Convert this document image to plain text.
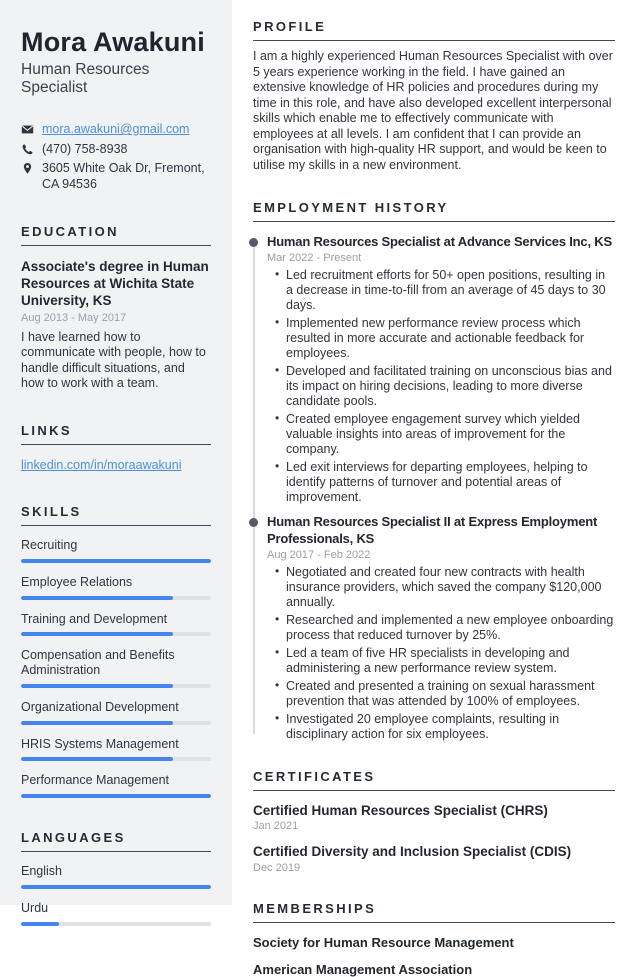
Mora Awakuni
Human Resources Specialist
mora.awakuni@gmail.com
(470) 758-8938
3605 White Oak Dr, Fremont, CA 94536
EDUCATION
Associate's degree in Human Resources at Wichita State University, KS
Aug 2013 - May 2017
I have learned how to communicate with people, how to handle difficult situations, and how to work with a team.
LINKS
linkedin.com/in/moraawakuni
SKILLS
Recruiting
Employee Relations
Training and Development
Compensation and Benefits Administration
Organizational Development
HRIS Systems Management
Performance Management
LANGUAGES
English
Urdu
PROFILE

I am a highly experienced Human Resources Specialist with over 5 years experience working in the field. I have gained an extensive knowledge of HR policies and procedures during my time in this role, and have also developed excellent interpersonal skills which enable me to effectively communicate with employees at all levels. I am confident that I can provide an organisation with high-quality HR support, and would be keen to utilise my skills in a new environment.

EMPLOYMENT HISTORY
Human Resources Specialist at Advance Services Inc, KS
Mar 2022 - Present
• Led recruitment efforts for 50+ open positions, resulting in a decrease in time-to-fill from an average of 45 days to 30 days.
• Implemented new performance review process which resulted in more accurate and actionable feedback for employees.
• Developed and facilitated training on unconscious bias and its impact on hiring decisions, leading to more diverse candidate pools.
• Created employee engagement survey which yielded valuable insights into areas of improvement for the company.
• Led exit interviews for departing employees, helping to identify patterns of turnover and potential areas of improvement.
Human Resources Specialist II at Express Employment Professionals, KS
Aug 2017 - Feb 2022
• Negotiated and created four new contracts with health insurance providers, which saved the company $120,000 annually.
• Researched and implemented a new employee onboarding process that reduced turnover by 25%.
• Led a team of five HR specialists in developing and administering a new performance review system.
• Created and presented a training on sexual harassment prevention that was attended by 100% of employees.
• Investigated 20 employee complaints, resulting in disciplinary action for six employees.
CERTIFICATES
Certified Human Resources Specialist (CHRS)
Jan 2021
Certified Diversity and Inclusion Specialist (CDIS)
Dec 2019
MEMBERSHIPS
Society for Human Resource Management
American Management Association
